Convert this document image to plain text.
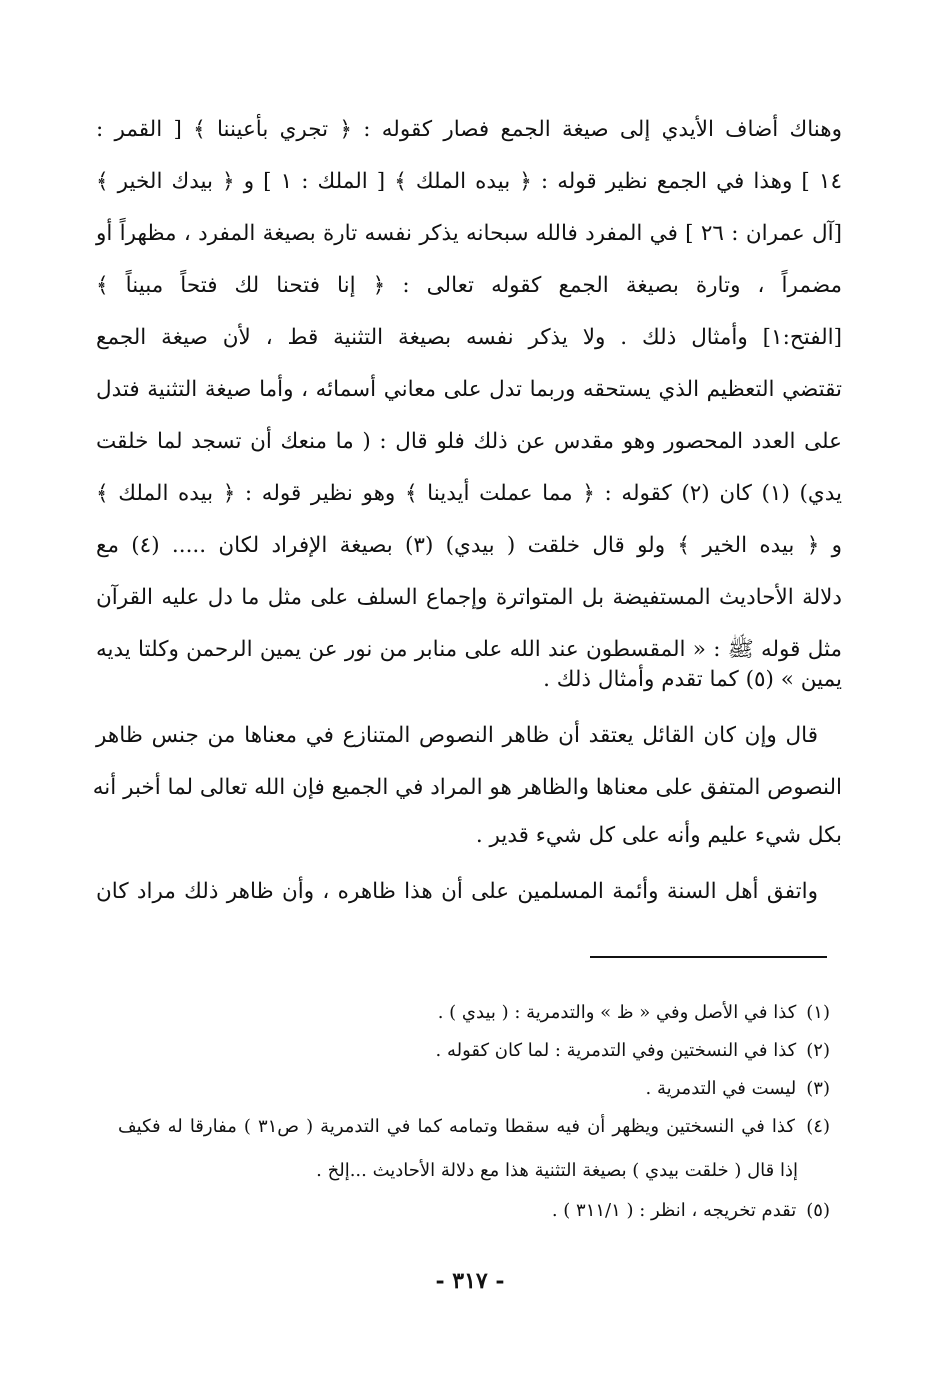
وهناك أضاف الأيدي إلى صيغة الجمع فصار كقوله : ﴿ تجري بأعيننا ﴾ [ القمر :
١٤ ] وهذا في الجمع نظير قوله : ﴿ بيده الملك ﴾ [ الملك : ١ ] و ﴿ بيدك الخير ﴾
[آل عمران : ٢٦ ] في المفرد فالله سبحانه يذكر نفسه تارة بصيغة المفرد ، مظهراً أو
مضمراً ، وتارة بصيغة الجمع كقوله تعالى : ﴿ إنا فتحنا لك فتحاً مبيناً ﴾
[الفتح:١] وأمثال ذلك . ولا يذكر نفسه بصيغة التثنية قط ، لأن صيغة الجمع
تقتضي التعظيم الذي يستحقه وربما تدل على معاني أسمائه ، وأما صيغة التثنية فتدل
على العدد المحصور وهو مقدس عن ذلك فلو قال : ( ما منعك أن تسجد لما خلقت
يدي) (١) كان (٢) كقوله : ﴿ مما عملت أيدينا ﴾ وهو نظير قوله : ﴿ بيده الملك ﴾
و ﴿ بيده الخير ﴾ ولو قال خلقت ( بيدي) (٣) بصيغة الإفراد لكان ..... (٤) مع
دلالة الأحاديث المستفيضة بل المتواترة وإجماع السلف على مثل ما دل عليه القرآن
مثل قوله ﷺ : « المقسطون عند الله على منابر من نور عن يمين الرحمن وكلتا يديه
يمين » (٥) كما تقدم وأمثال ذلك .
قال وإن كان القائل يعتقد أن ظاهر النصوص المتنازع في معناها من جنس ظاهر
النصوص المتفق على معناها والظاهر هو المراد في الجميع فإن الله تعالى لما أخبر أنه
بكل شيء عليم وأنه على كل شيء قدير .
واتفق أهل السنة وأئمة المسلمين على أن هذا ظاهره ، وأن ظاهر ذلك مراد كان
(١) كذا في الأصل وفي « ظ » والتدمرية : ( بيدي ) .
(٢) كذا في النسختين وفي التدمرية : لما كان كقوله .
(٣) ليست في التدمرية .
(٤) كذا في النسختين ويظهر أن فيه سقطا وتمامه كما في التدمرية ( ص٣١ ) مفارقا له فكيف
إذا قال ( خلقت بيدي ) بصيغة التثنية هذا مع دلالة الأحاديث ...إلخ .
(٥) تقدم تخريجه ، انظر : ( ٣١١/١ ) .
- ٣١٧ -
